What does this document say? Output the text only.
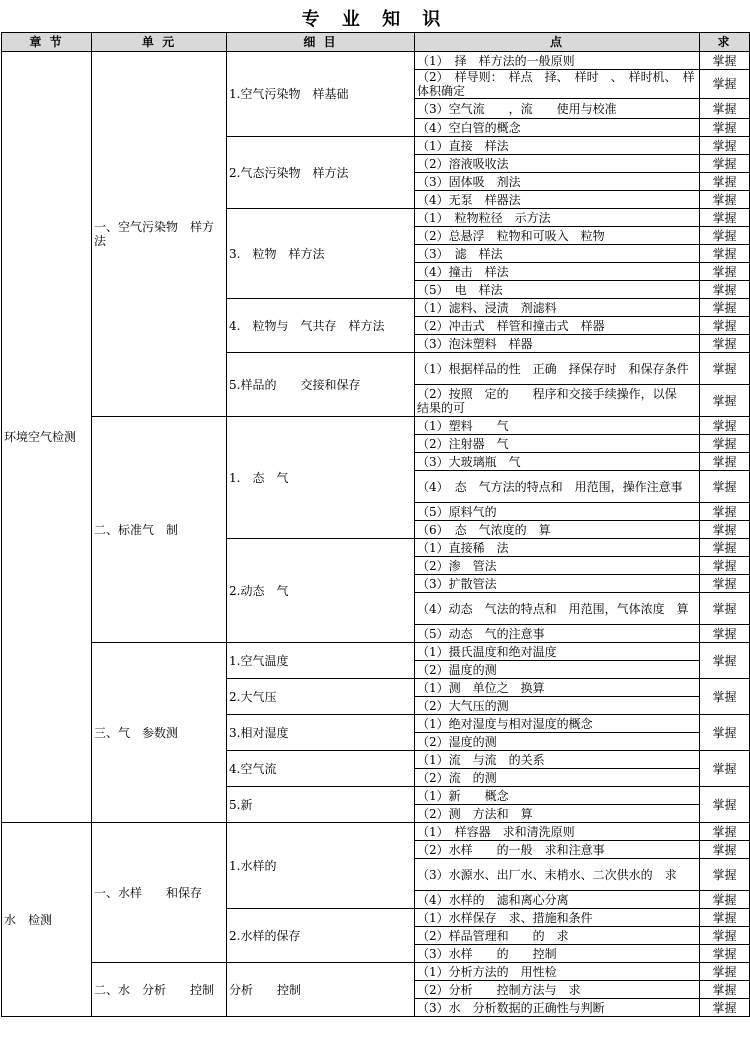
专 业 知 识
章 节	单 元	细 目	点	求
环境空气检测	一、空气污染物　样方法	1.空气污染物　样基础	（1）　择　样方法的一般原则	掌握
			（2）　样导则：　样点　择、　样时　、　样时机、　样体积确定	掌握
			（3）空气流　　，流　　使用与校准	掌握
			（4）空白管的概念	掌握
		2.气态污染物　样方法	（1）直接　样法	掌握
			（2）溶液吸收法	掌握
			（3）固体吸　剂法	掌握
			（4）无泵　样器法	掌握
		3.　粒物　样方法	（1）　粒物粒径　示方法	掌握
			（2）总悬浮　粒物和可吸入　粒物	掌握
			（3）　滤　样法	掌握
			（4）撞击　样法	掌握
			（5）　电　样法	掌握
		4.　粒物与　气共存　样方法	（1）滤料、浸渍　剂滤料	掌握
			（2）冲击式　样管和撞击式　样器	掌握
			（3）泡沫塑料　样器	掌握
		5.样品的　　交接和保存	（1）根据样品的性　正确　择保存时　和保存条件	掌握
			（2）按照　定的　　程序和交接手续操作，以保　结果的可	掌握
	二、标准气　制	1.　态　气	（1）塑料　　气	掌握
			（2）注射器　气	掌握
			（3）大玻璃瓶　气	掌握
			（4）　态　气方法的特点和　用范围，操作注意事	掌握
			（5）原料气的	掌握
			（6）　态　气浓度的　算	掌握
		2.动态　气	（1）直接稀　法	掌握
			（2）渗　管法	掌握
			（3）扩散管法	掌握
			（4）动态　气法的特点和　用范围，气体浓度　算	掌握
			（5）动态　气的注意事	掌握
	三、气　参数测	1.空气温度	（1）摄氏温度和绝对温度	掌握
			（2）温度的测	
		2.大气压	（1）测　单位之　换算	掌握
			（2）大气压的测	
		3.相对湿度	（1）绝对湿度与相对湿度的概念	掌握
			（2）湿度的测	
		4.空气流	（1）流　与流　的关系	掌握
			（2）流　的测	
		5.新	（1）新　　概念	掌握
			（2）测　方法和　算	
水　检测	一、水样　　和保存	1.水样的	（1）　样容器　求和清洗原则	掌握
			（2）水样　　的一般　求和注意事	掌握
			（3）水源水、出厂水、末梢水、二次供水的　求	掌握
			（4）水样的　滤和离心分离	掌握
		2.水样的保存	（1）水样保存　求、措施和条件	掌握
			（2）样品管理和　　的　求	掌握
			（3）水样　　的　　控制	掌握
	二、水　分析　　控制	分析　　控制	（1）分析方法的　用性检	掌握
			（2）分析　　控制方法与　求	掌握
			（3）水　分析数据的正确性与判断	掌握
